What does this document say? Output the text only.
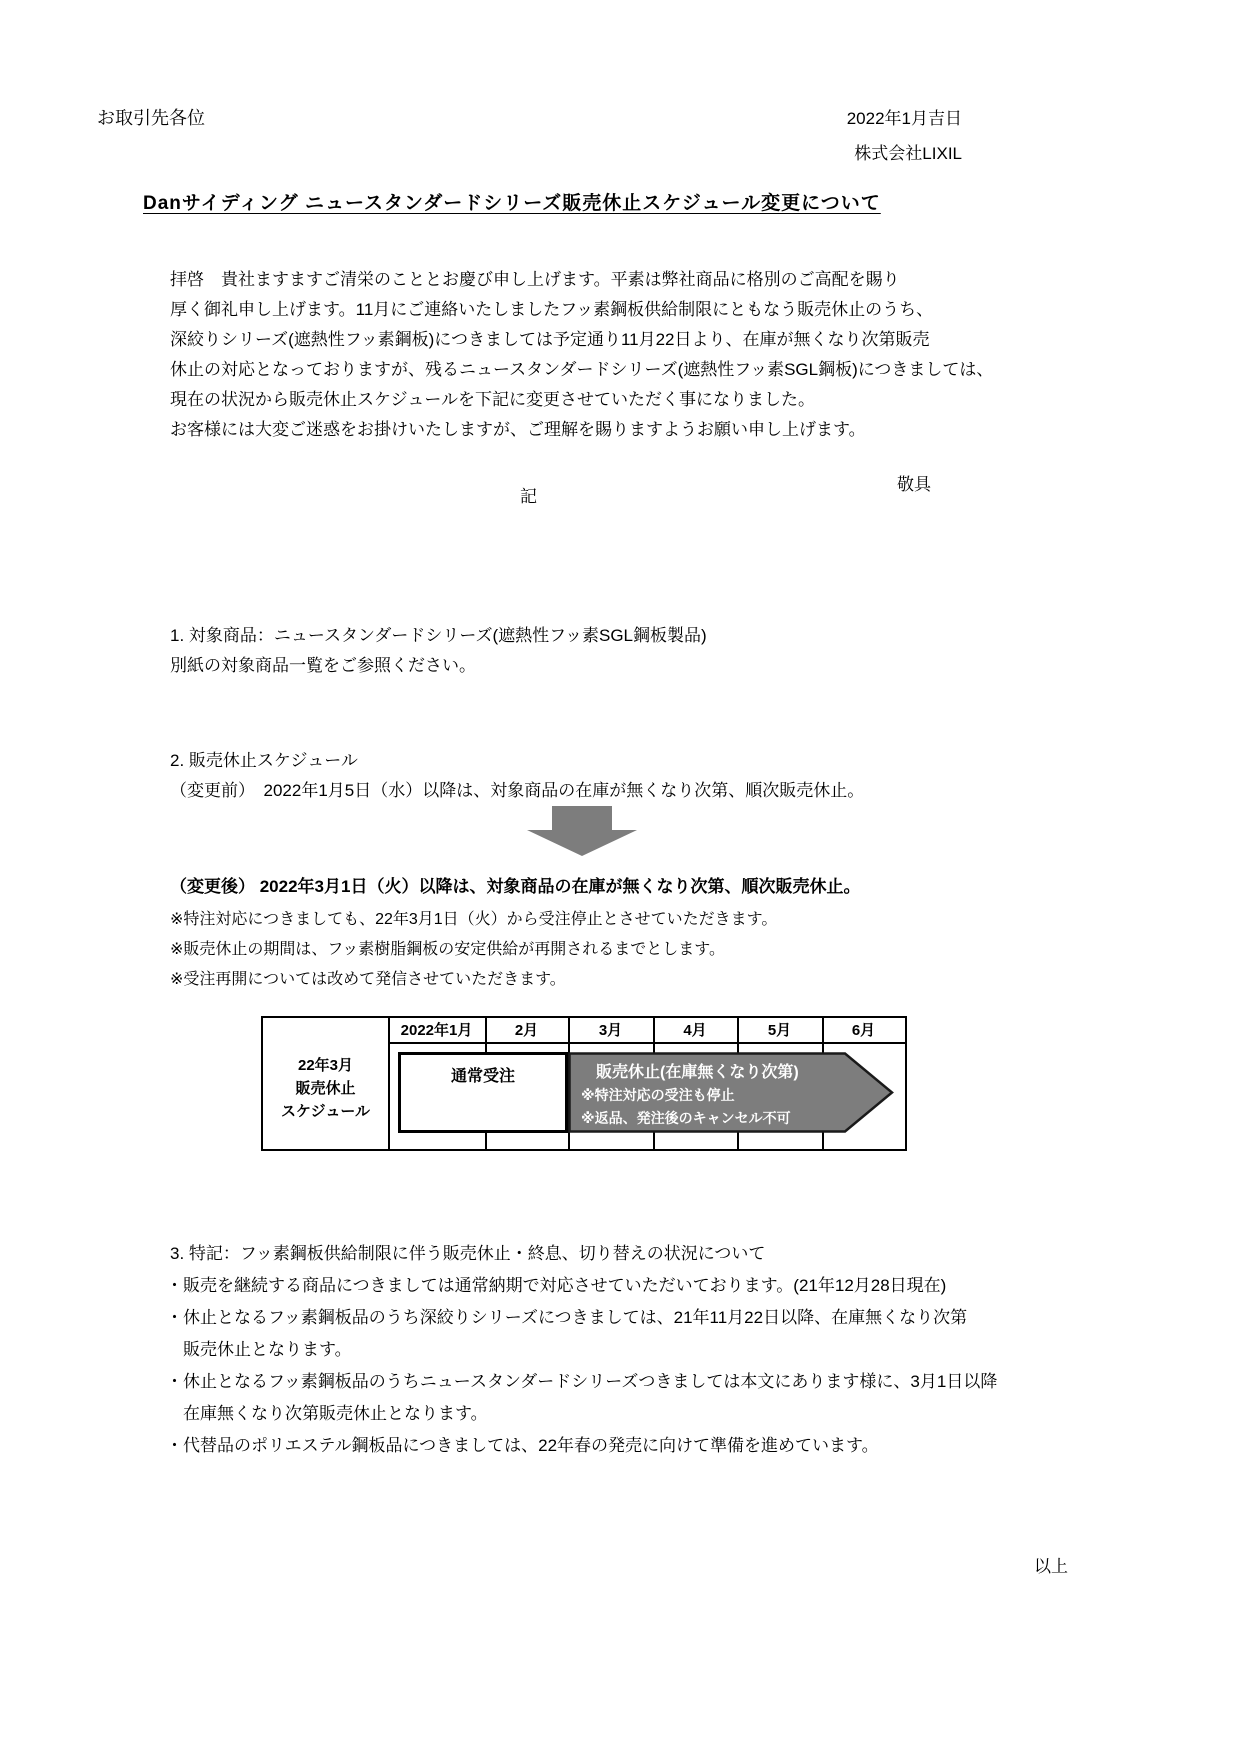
お取引先各位	2022年1月吉日
株式会社LIXIL
Danサイディング ニュースタンダードシリーズ販売休止スケジュール変更について
拝啓　貴社ますますご清栄のこととお慶び申し上げます。平素は弊社商品に格別のご高配を賜り
厚く御礼申し上げます。11月にご連絡いたしましたフッ素鋼板供給制限にともなう販売休止のうち、
深絞りシリーズ(遮熱性フッ素鋼板)につきましては予定通り11月22日より、在庫が無くなり次第販売
休止の対応となっておりますが、残るニュースタンダードシリーズ(遮熱性フッ素SGL鋼板)につきましては、
現在の状況から販売休止スケジュールを下記に変更させていただく事になりました。
お客様には大変ご迷惑をお掛けいたしますが、ご理解を賜りますようお願い申し上げます。
敬具
記
1. 対象商品：ニュースタンダードシリーズ(遮熱性フッ素SGL鋼板製品)
別紙の対象商品一覧をご参照ください。
2. 販売休止スケジュール
（変更前）　2022年1月5日（水）以降は、対象商品の在庫が無くなり次第、順次販売休止。
（変更後） 2022年3月1日（火）以降は、対象商品の在庫が無くなり次第、順次販売休止。
※特注対応につきましても、22年3月1日（火）から受注停止とさせていただきます。
※販売休止の期間は、フッ素樹脂鋼板の安定供給が再開されるまでとします。
※受注再開については改めて発信させていただきます。
22年3月
販売休止
スケジュール
2022年1月	2月	3月	4月	5月	6月
通常受注	販売休止(在庫無くなり次第)
※特注対応の受注も停止
※返品、発注後のキャンセル不可
3. 特記：フッ素鋼板供給制限に伴う販売休止・終息、切り替えの状況について
・販売を継続する商品につきましては通常納期で対応させていただいております。(21年12月28日現在)
・休止となるフッ素鋼板品のうち深絞りシリーズにつきましては、21年11月22日以降、在庫無くなり次第
　販売休止となります。
・休止となるフッ素鋼板品のうちニュースタンダードシリーズつきましては本文にあります様に、3月1日以降
　在庫無くなり次第販売休止となります。
・代替品のポリエステル鋼板品につきましては、22年春の発売に向けて準備を進めています。
以上
